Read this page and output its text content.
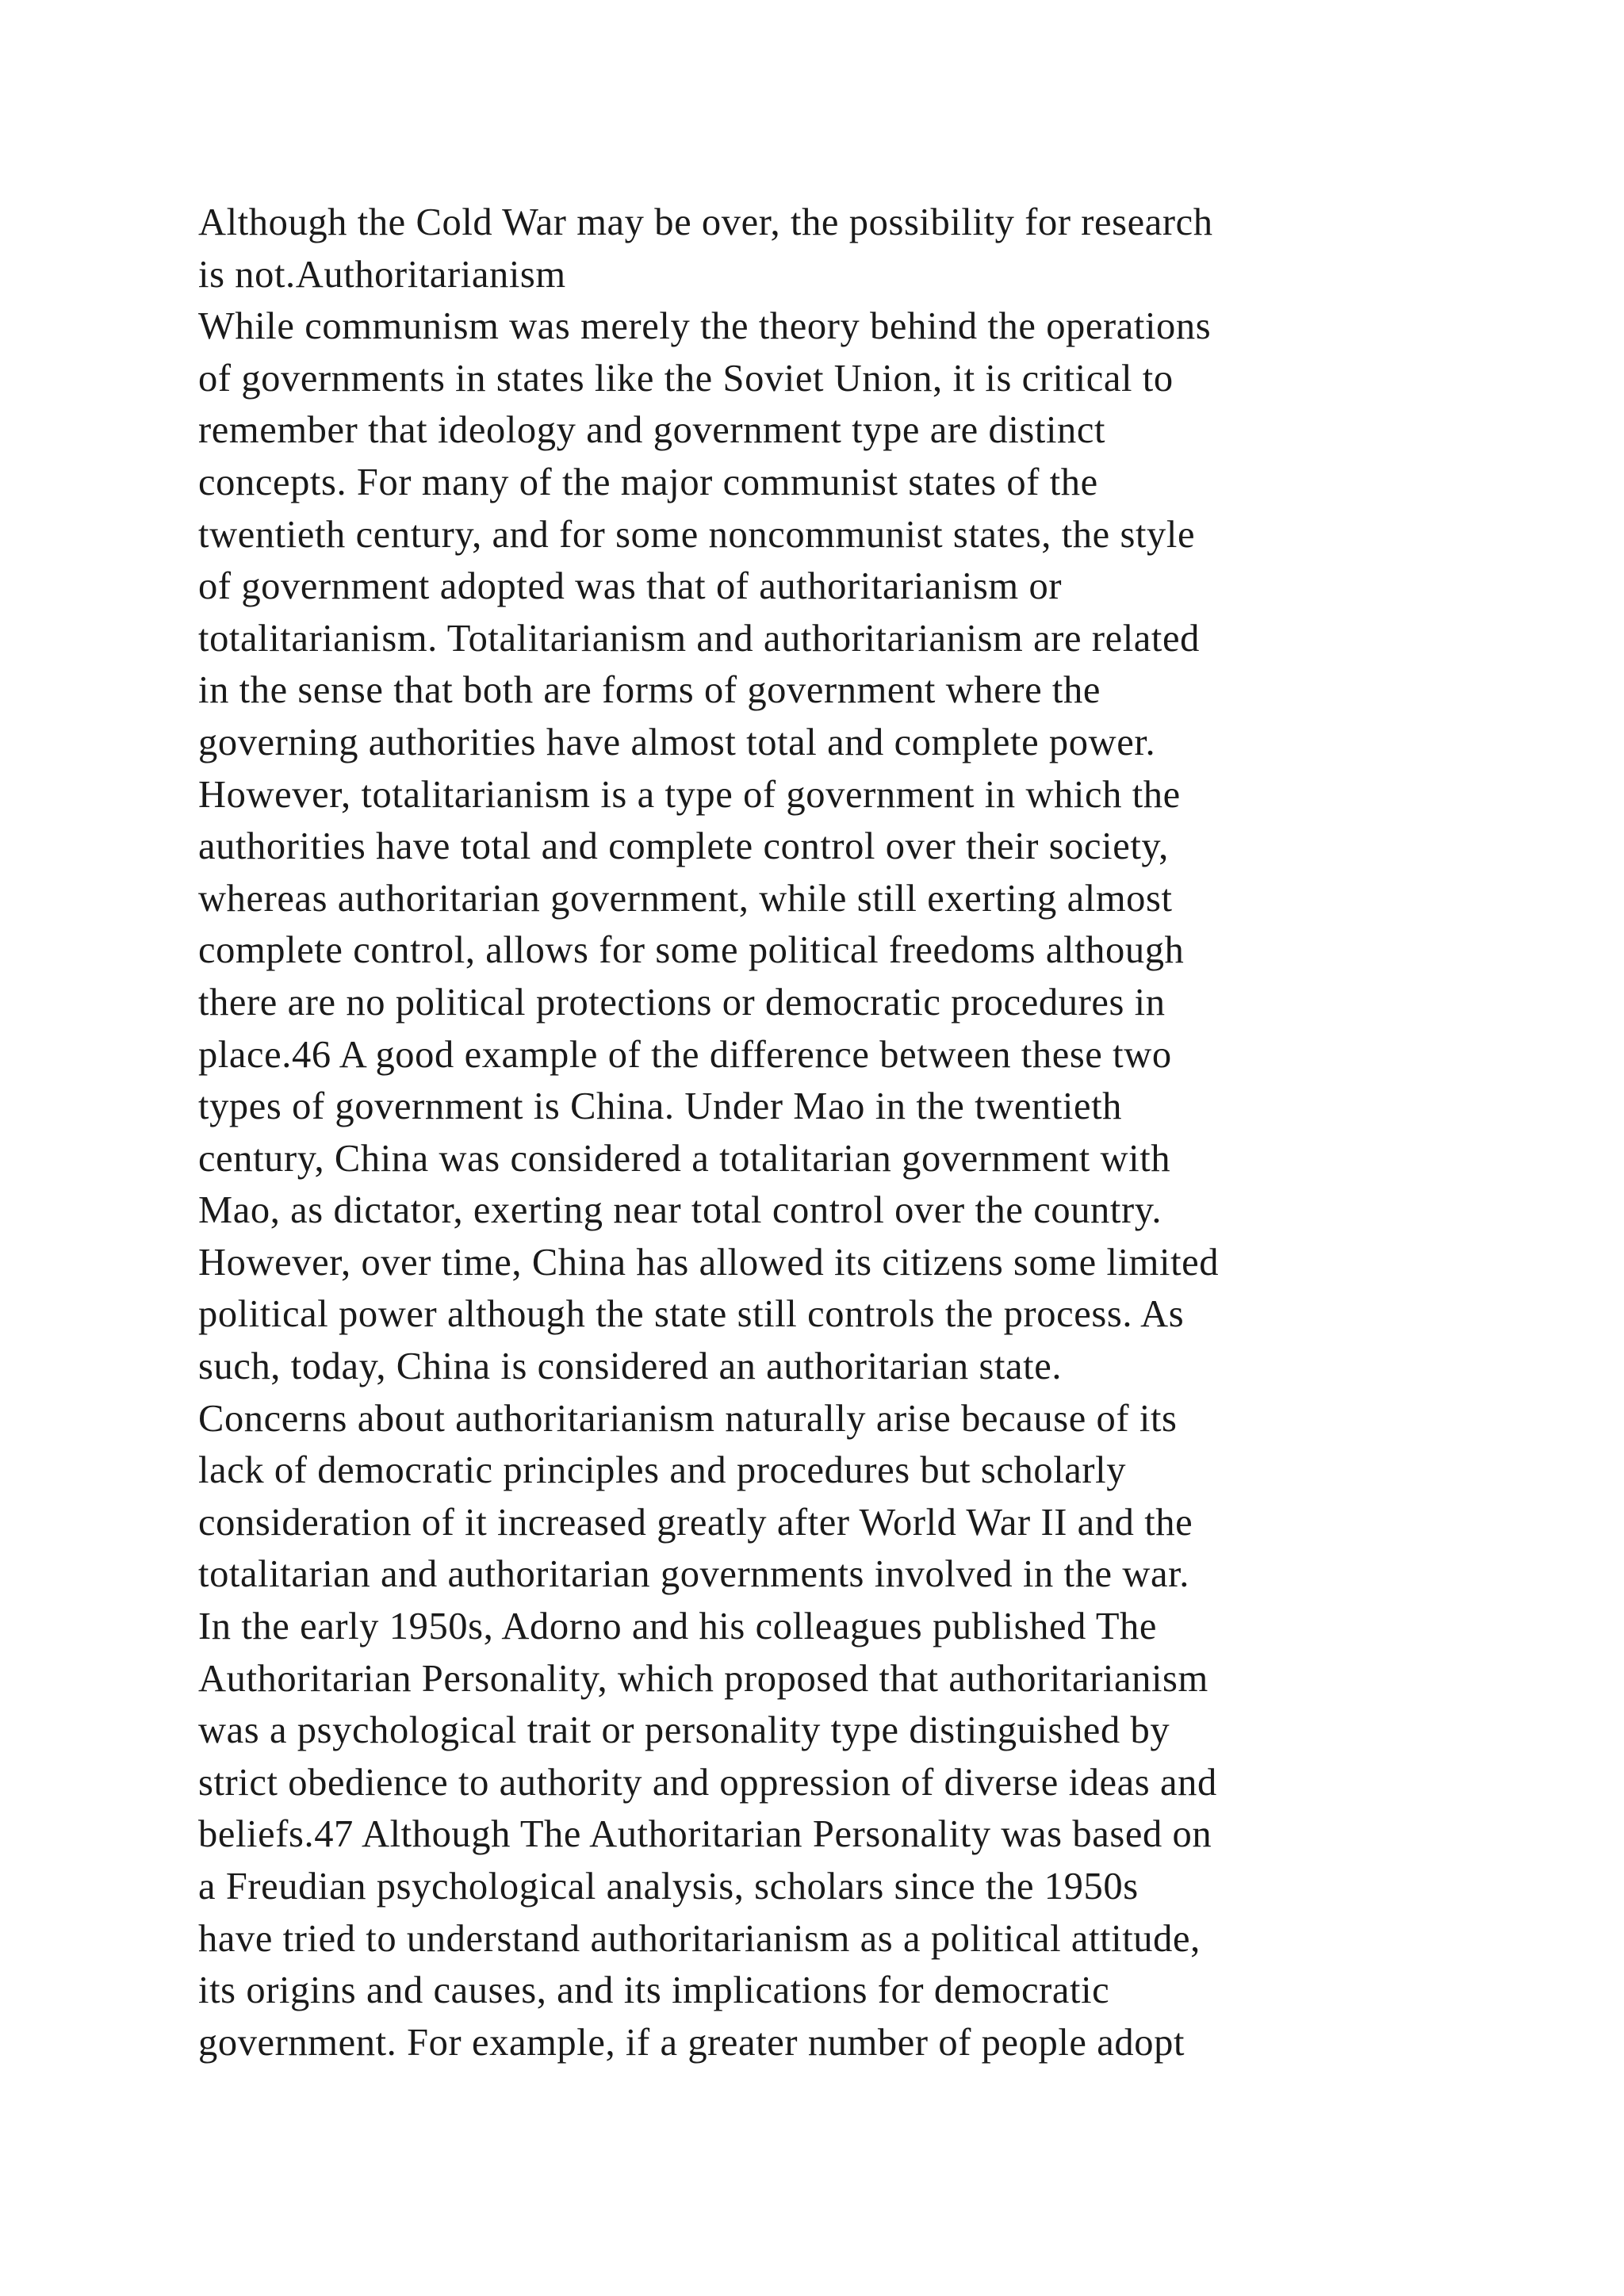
Although the Cold War may be over, the possibility for research
is not.Authoritarianism
While communism was merely the theory behind the operations
of governments in states like the Soviet Union, it is critical to
remember that ideology and government type are distinct
concepts. For many of the major communist states of the
twentieth century, and for some noncommunist states, the style
of government adopted was that of authoritarianism or
totalitarianism. Totalitarianism and authoritarianism are related
in the sense that both are forms of government where the
governing authorities have almost total and complete power.
However, totalitarianism is a type of government in which the
authorities have total and complete control over their society,
whereas authoritarian government, while still exerting almost
complete control, allows for some political freedoms although
there are no political protections or democratic procedures in
place.46 A good example of the difference between these two
types of government is China. Under Mao in the twentieth
century, China was considered a totalitarian government with
Mao, as dictator, exerting near total control over the country.
However, over time, China has allowed its citizens some limited
political power although the state still controls the process. As
such, today, China is considered an authoritarian state.
Concerns about authoritarianism naturally arise because of its
lack of democratic principles and procedures but scholarly
consideration of it increased greatly after World War II and the
totalitarian and authoritarian governments involved in the war.
In the early 1950s, Adorno and his colleagues published The
Authoritarian Personality, which proposed that authoritarianism
was a psychological trait or personality type distinguished by
strict obedience to authority and oppression of diverse ideas and
beliefs.47 Although The Authoritarian Personality was based on
a Freudian psychological analysis, scholars since the 1950s
have tried to understand authoritarianism as a political attitude,
its origins and causes, and its implications for democratic
government. For example, if a greater number of people adopt
